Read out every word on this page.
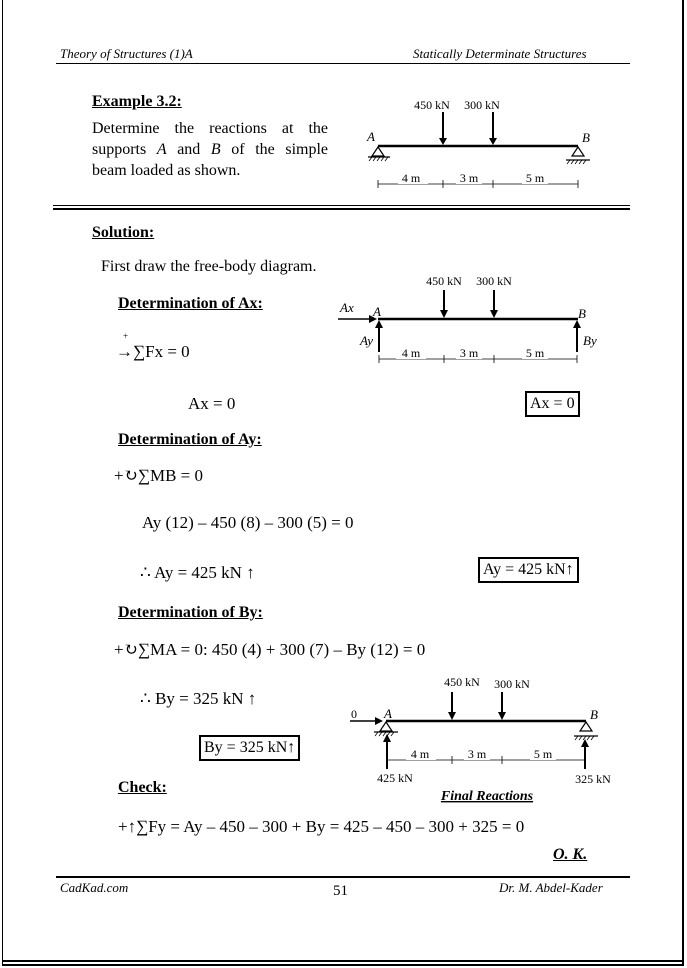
Theory of Structures (1)A	Statically Determinate Structures
Example 3.2:
Determine the reactions at the
supports A and B of the simple
beam loaded as shown.
450 kN 300 kN
A	B
4 m	3 m	5 m
Solution:
First draw the free-body diagram.
450 kN 300 kN
Ax A	B
Ay	By
4 m	3 m	5 m
Determination of Ax:
+
→∑Fx = 0
Ax = 0	Ax = 0
Determination of Ay:
+↻∑MB = 0
Ay (12) – 450 (8) – 300 (5) = 0
∴ Ay = 425 kN ↑	Ay = 425 kN↑
Determination of By:
+↻∑MA = 0: 450 (4) + 300 (7) – By (12) = 0
∴ By = 325 kN ↑
By = 325 kN↑
450 kN 300 kN
0 A	B
4 m	3 m	5 m
425 kN	325 kN
Final Reactions
Check:
+↑∑Fy = Ay – 450 – 300 + By = 425 – 450 – 300 + 325 = 0
O. K.
CadKad.com	51	Dr. M. Abdel-Kader
